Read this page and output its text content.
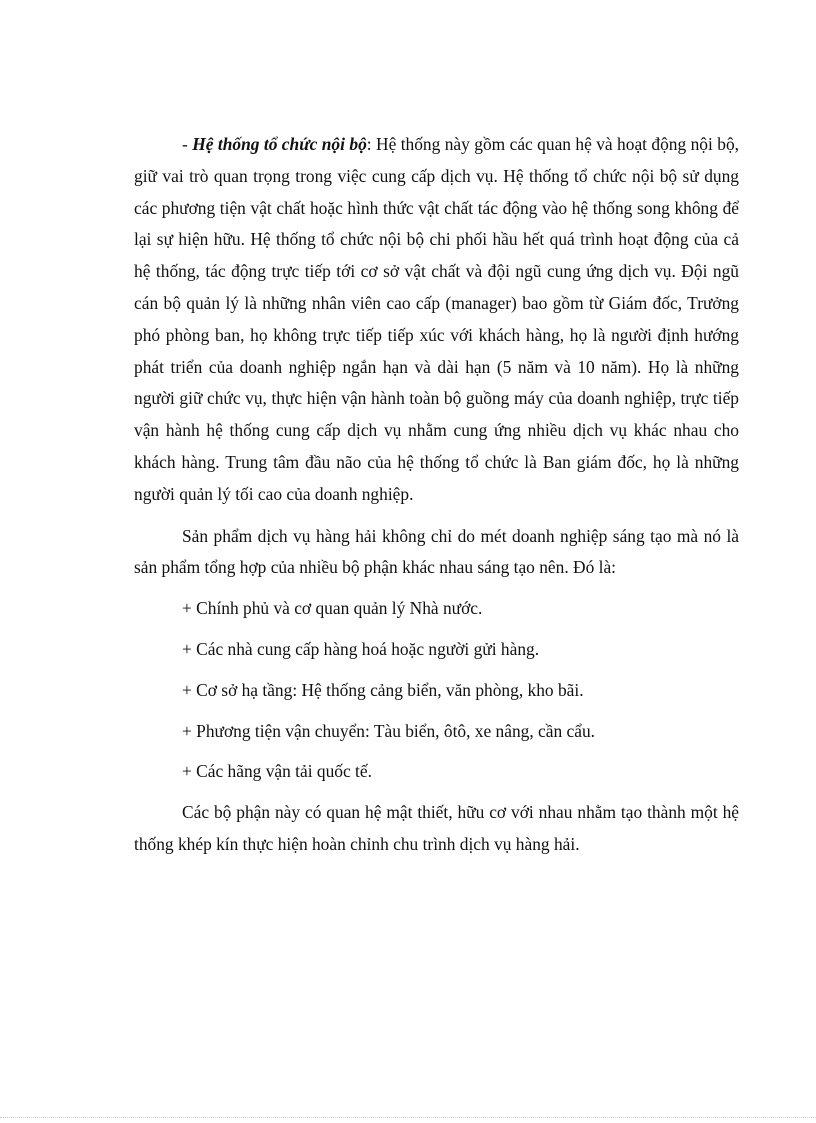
- Hệ thống tổ chức nội bộ: Hệ thống này gồm các quan hệ và hoạt động nội bộ, giữ vai trò quan trọng trong việc cung cấp dịch vụ. Hệ thống tổ chức nội bộ sử dụng các phương tiện vật chất hoặc hình thức vật chất tác động vào hệ thống song không để lại sự hiện hữu. Hệ thống tổ chức nội bộ chi phối hầu hết quá trình hoạt động của cả hệ thống, tác động trực tiếp tới cơ sở vật chất và đội ngũ cung ứng dịch vụ. Đội ngũ cán bộ quản lý là những nhân viên cao cấp (manager) bao gồm từ Giám đốc, Trưởng phó phòng ban, họ không trực tiếp tiếp xúc với khách hàng, họ là người định hướng phát triển của doanh nghiệp ngắn hạn và dài hạn (5 năm và 10 năm). Họ là những người giữ chức vụ, thực hiện vận hành toàn bộ guồng máy của doanh nghiệp, trực tiếp vận hành hệ thống cung cấp dịch vụ nhằm cung ứng nhiều dịch vụ khác nhau cho khách hàng. Trung tâm đầu não của hệ thống tổ chức là Ban giám đốc, họ là những người quản lý tối cao của doanh nghiệp.

Sản phẩm dịch vụ hàng hải không chỉ do mét doanh nghiệp sáng tạo mà nó là sản phẩm tổng hợp của nhiều bộ phận khác nhau sáng tạo nên. Đó là:

+ Chính phủ và cơ quan quản lý Nhà nước.

+ Các nhà cung cấp hàng hoá hoặc người gửi hàng.

+ Cơ sở hạ tầng: Hệ thống cảng biển, văn phòng, kho bãi.

+ Phương tiện vận chuyển: Tàu biển, ôtô, xe nâng, cần cẩu.

+ Các hãng vận tải quốc tế.

Các bộ phận này có quan hệ mật thiết, hữu cơ với nhau nhằm tạo thành một hệ thống khép kín thực hiện hoàn chỉnh chu trình dịch vụ hàng hải.
